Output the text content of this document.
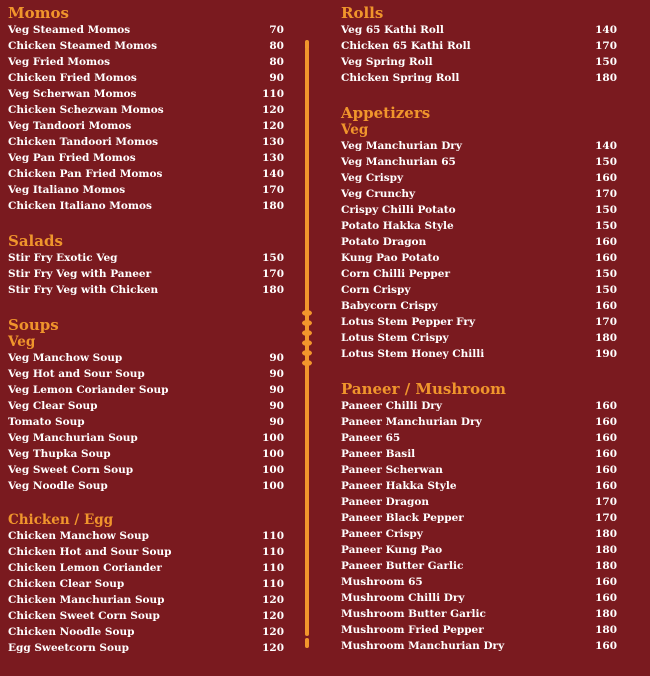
Momos
Veg Steamed Momos	70
Chicken Steamed Momos	80
Veg Fried Momos	80
Chicken Fried Momos	90
Veg Scherwan Momos	110
Chicken Schezwan Momos	120
Veg Tandoori Momos	120
Chicken Tandoori Momos	130
Veg Pan Fried Momos	130
Chicken Pan Fried Momos	140
Veg Italiano Momos	170
Chicken Italiano Momos	180
Salads
Stir Fry Exotic Veg	150
Stir Fry Veg with Paneer	170
Stir Fry Veg with Chicken	180
Soups
Veg
Veg Manchow Soup	90
Veg Hot and Sour Soup	90
Veg Lemon Coriander Soup	90
Veg Clear Soup	90
Tomato Soup	90
Veg Manchurian Soup	100
Veg Thupka Soup	100
Veg Sweet Corn Soup	100
Veg Noodle Soup	100
Chicken / Egg
Chicken Manchow Soup	110
Chicken Hot and Sour Soup	110
Chicken Lemon Coriander	110
Chicken Clear Soup	110
Chicken Manchurian Soup	120
Chicken Sweet Corn Soup	120
Chicken Noodle Soup	120
Egg Sweetcorn Soup	120
Rolls
Veg 65 Kathi Roll	140
Chicken 65 Kathi Roll	170
Veg Spring Roll	150
Chicken Spring Roll	180
Appetizers
Veg
Veg Manchurian Dry	140
Veg Manchurian 65	150
Veg Crispy	160
Veg Crunchy	170
Crispy Chilli Potato	150
Potato Hakka Style	150
Potato Dragon	160
Kung Pao Potato	160
Corn Chilli Pepper	150
Corn Crispy	150
Babycorn Crispy	160
Lotus Stem Pepper Fry	170
Lotus Stem Crispy	180
Lotus Stem Honey Chilli	190
Paneer / Mushroom
Paneer Chilli Dry	160
Paneer Manchurian Dry	160
Paneer 65	160
Paneer Basil	160
Paneer Scherwan	160
Paneer Hakka Style	160
Paneer Dragon	170
Paneer Black Pepper	170
Paneer Crispy	180
Paneer Kung Pao	180
Paneer Butter Garlic	180
Mushroom 65	160
Mushroom Chilli Dry	160
Mushroom Butter Garlic	180
Mushroom Fried Pepper	180
Mushroom Manchurian Dry	160
